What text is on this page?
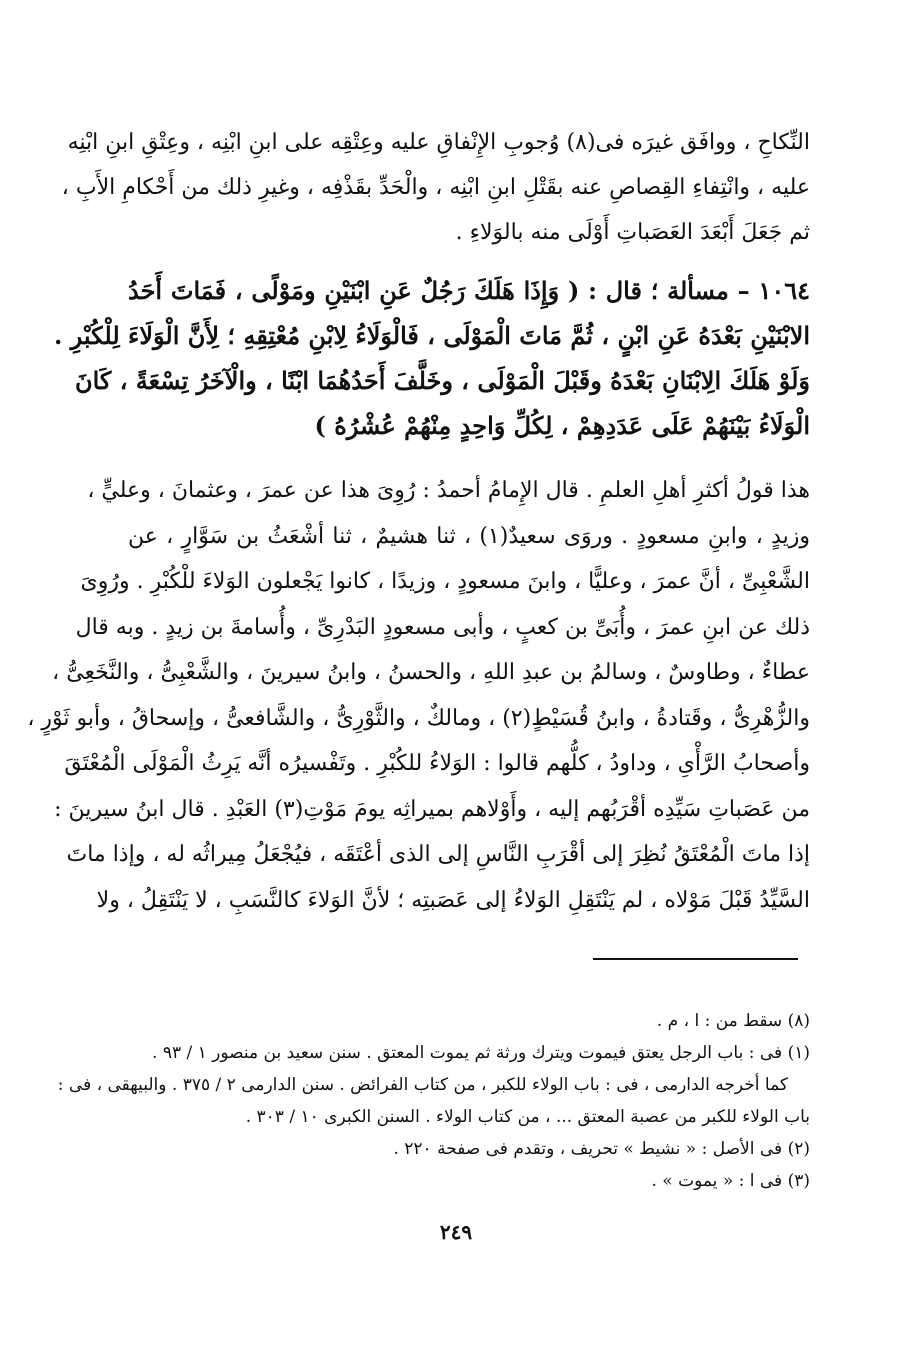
النِّكاحِ ، ووافَق غيرَه فى(٨) وُجوبِ الإِنْفاقِ عليه وعِتْقِه على ابنِ ابْنِه ، وعِتْقِ ابنِ ابْنِه
عليه ، وانْتِفاءِ القِصاصِ عنه بقَتْلِ ابنِ ابْنِه ، والْحَدِّ بقَذْفِه ، وغيرِ ذلك من أَحْكامِ الأَبِ ،
ثم جَعَلَ أَبْعَدَ العَصَباتِ أَوْلَى منه بالوَلاءِ .
١٠٦٤ – مسألة ؛ قال : ( وَإِذَا هَلَكَ رَجُلٌ عَنِ ابْنَيْنِ ومَوْلًى ، فَمَاتَ أَحَدُ
الابْنَيْنِ بَعْدَهُ عَنِ ابْنٍ ، ثُمَّ مَاتَ الْمَوْلَى ، فَالْوَلَاءُ لِابْنِ مُعْتِقِهِ ؛ لِأَنَّ الْوَلَاءَ لِلْكُبْرِ .
وَلَوْ هَلَكَ الِابْنَانِ بَعْدَهُ وقَبْلَ الْمَوْلَى ، وخَلَّفَ أَحَدُهُمَا ابْنًا ، والْآخَرُ تِسْعَةً ، كَانَ
الْوَلَاءُ بَيْنَهُمْ عَلَى عَدَدِهِمْ ، لِكُلِّ وَاحِدٍ مِنْهُمْ عُشْرُهُ )
هذا قولُ أكثرِ أهلِ العلمِ . قال الإِمامُ أحمدُ : رُوِىَ هذا عن عمرَ ، وعثمانَ ، وعليٍّ ،
وزيدٍ ، وابنِ مسعودٍ . وروَى سعيدٌ(١) ، ثنا هشيمٌ ، ثنا أشْعَثُ بن سَوَّارٍ ، عن
الشَّعْبِىِّ ، أنَّ عمرَ ، وعليًّا ، وابنَ مسعودٍ ، وزيدًا ، كانوا يَجْعلون الوَلاءَ للْكُبْرِ . ورُوِىَ
ذلك عن ابنِ عمرَ ، وأُبَىِّ بن كعبٍ ، وأبى مسعودٍ البَدْرِىِّ ، وأُسامةَ بن زيدٍ . وبه قال
عطاءٌ ، وطاوسٌ ، وسالمُ بن عبدِ اللهِ ، والحسنُ ، وابنُ سيرينَ ، والشَّعْبِىُّ ، والنَّخَعِىُّ ،
والزُّهْرِىُّ ، وقَتادةُ ، وابنُ قُسَيْطٍ(٢) ، ومالكٌ ، والثَّوْرِىُّ ، والشَّافعىُّ ، وإسحاقُ ، وأبو ثَوْرٍ ،
وأصحابُ الرَّأْىِ ، وداودُ ، كلُّهم قالوا : الوَلاءُ للكُبْرِ . وتَفْسيرُه أنَّه يَرِثُ الْمَوْلَى الْمُعْتَقَ
من عَصَباتِ سَيِّدِه أقْرَبُهم إليه ، وأَوْلاهم بميراثِه يومَ مَوْتِ(٣) العَبْدِ . قال ابنُ سيرينَ :
إذا ماتَ الْمُعْتَقُ نُظِرَ إلى أقْرَبِ النَّاسِ إلى الذى أعْتَقَه ، فيُجْعَلُ مِيراثُه له ، وإذا ماتَ
السَّيِّدُ قَبْلَ مَوْلاه ، لم يَنْتَقِلِ الوَلاءُ إلى عَصَبتِه ؛ لأنَّ الوَلاءَ كالنَّسَبِ ، لا يَنْتَقِلُ ، ولا
(٨) سقط من : ا ، م .
(١) فى : باب الرجل يعتق فيموت ويترك ورثة ثم يموت المعتق . سنن سعيد بن منصور ١ / ٩٣ .
كما أخرجه الدارمى ، فى : باب الولاء للكبر ، من كتاب الفرائض . سنن الدارمى ٢ / ٣٧٥ . والبيهقى ، فى :
باب الولاء للكبر من عصبة المعتق ... ، من كتاب الولاء . السنن الكبرى ١٠ / ٣٠٣ .
(٢) فى الأصل : « نشيط » تحريف ، وتقدم فى صفحة ٢٢٠ .
(٣) فى ا : « يموت » .
٢٤٩
